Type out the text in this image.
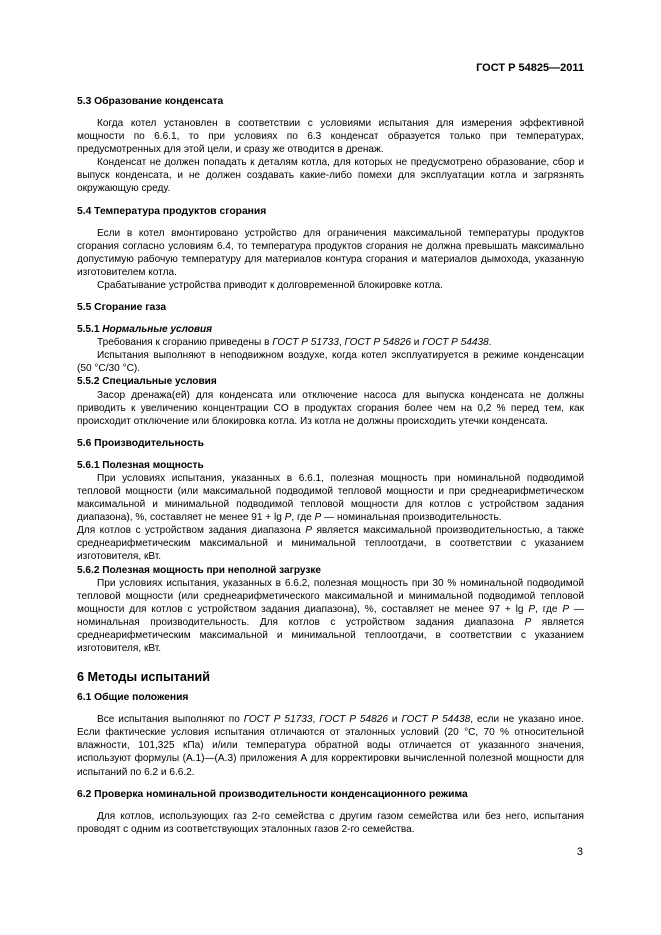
ГОСТ Р 54825—2011
5.3 Образование конденсата

Когда котел установлен в соответствии с условиями испытания для измерения эффективной мощности по 6.6.1, то при условиях по 6.3 конденсат образуется только при температурах, предусмотренных для этой цели, и сразу же отводится в дренаж.

Конденсат не должен попадать к деталям котла, для которых не предусмотрено образование, сбор и выпуск конденсата, и не должен создавать какие-либо помехи для эксплуатации котла и загрязнять окружающую среду.

5.4 Температура продуктов сгорания

Если в котел вмонтировано устройство для ограничения максимальной температуры продуктов сгорания согласно условиям 6.4, то температура продуктов сгорания не должна превышать максимально допустимую рабочую температуру для материалов контура сгорания и материалов дымохода, указанную изготовителем котла.

Срабатывание устройства приводит к долговременной блокировке котла.

5.5 Сгорание газа

5.5.1 Нормальные условия

Требования к сгоранию приведены в ГОСТ Р 51733, ГОСТ Р 54826 и ГОСТ Р 54438.

Испытания выполняют в неподвижном воздухе, когда котел эксплуатируется в режиме конденсации (50 °С/30 °С).

5.5.2 Специальные условия

Засор дренажа(ей) для конденсата или отключение насоса для выпуска конденсата не должны приводить к увеличению концентрации CO в продуктах сгорания более чем на 0,2 % перед тем, как происходит отключение или блокировка котла. Из котла не должны происходить утечки конденсата.

5.6 Производительность

5.6.1 Полезная мощность

При условиях испытания, указанных в 6.6.1, полезная мощность при номинальной подводимой тепловой мощности (или максимальной подводимой тепловой мощности и при среднеарифметическом максимальной и минимальной подводимой тепловой мощности для котлов с устройством задания диапазона), %, составляет не менее 91 + lg P, где P — номинальная производительность.

Для котлов с устройством задания диапазона P является максимальной производительностью, а также среднеарифметическим максимальной и минимальной теплоотдачи, в соответствии с указанием изготовителя, кВт.

5.6.2 Полезная мощность при неполной загрузке

При условиях испытания, указанных в 6.6.2, полезная мощность при 30 % номинальной подводимой тепловой мощности (или среднеарифметического максимальной и минимальной подводимой тепловой мощности для котлов с устройством задания диапазона), %, составляет не менее 97 + lg P, где P — номинальная производительность. Для котлов с устройством задания диапазона P является среднеарифметическим максимальной и минимальной теплоотдачи, в соответствии с указанием изготовителя, кВт.

6 Методы испытаний
6.1 Общие положения

Все испытания выполняют по ГОСТ Р 51733, ГОСТ Р 54826 и ГОСТ Р 54438, если не указано иное. Если фактические условия испытания отличаются от эталонных условий (20 °С, 70 % относительной влажности, 101,325 кПа) и/или температура обратной воды отличается от указанного значения, используют формулы (А.1)—(А.3) приложения А для корректировки вычисленной полезной мощности для испытаний по 6.2 и 6.6.2.

6.2 Проверка номинальной производительности конденсационного режима

Для котлов, использующих газ 2-го семейства с другим газом семейства или без него, испытания проводят с одним из соответствующих эталонных газов 2-го семейства.

3
